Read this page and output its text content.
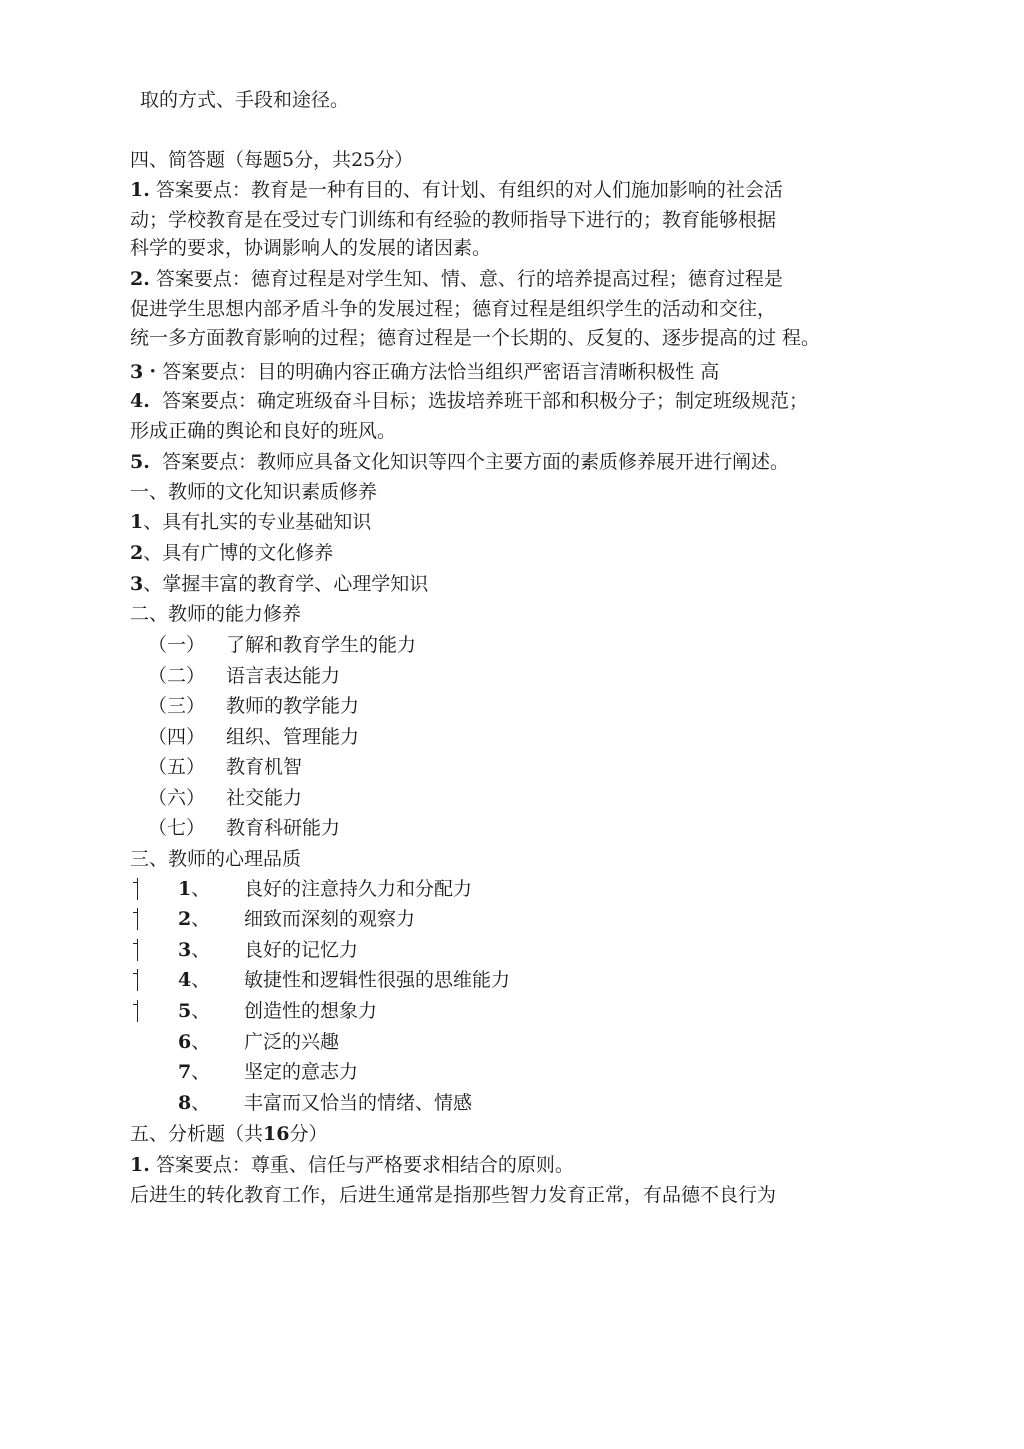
取的方式、手段和途径。
四、简答题（每题5分，共25分）
1. 答案要点：教育是一种有目的、有计划、有组织的对人们施加影响的社会活
动；学校教育是在受过专门训练和有经验的教师指导下进行的；教育能够根据
科学的要求，协调影响人的发展的诸因素。
2. 答案要点：德育过程是对学生知、情、意、行的培养提高过程；德育过程是
促进学生思想内部矛盾斗争的发展过程；德育过程是组织学生的活动和交往，
统一多方面教育影响的过程；德育过程是一个长期的、反复的、逐步提高的过 程。
3・答案要点：目的明确内容正确方法恰当组织严密语言清晰积极性 高
4. 答案要点：确定班级奋斗目标；选拔培养班干部和积极分子；制定班级规范；
形成正确的舆论和良好的班风。
5. 答案要点：教师应具备文化知识等四个主要方面的素质修养展开进行阐述。
一、教师的文化知识素质修养
1、具有扎实的专业基础知识
2、具有广博的文化修养
3、掌握丰富的教育学、心理学知识
二、教师的能力修养
（一） 了解和教育学生的能力
（二） 语言表达能力
（三） 教师的教学能力
（四） 组织、管理能力
（五） 教育机智
（六） 社交能力
（七） 教育科研能力
三、教师的心理品质
1、 良好的注意持久力和分配力
2、 细致而深刻的观察力
3、 良好的记忆力
4、 敏捷性和逻辑性很强的思维能力
5、 创造性的想象力
6、 广泛的兴趣
7、 坚定的意志力
8、 丰富而又恰当的情绪、情感
五、分析题（共16分）
1. 答案要点：尊重、信任与严格要求相结合的原则。
后进生的转化教育工作，后进生通常是指那些智力发育正常，有品德不良行为
